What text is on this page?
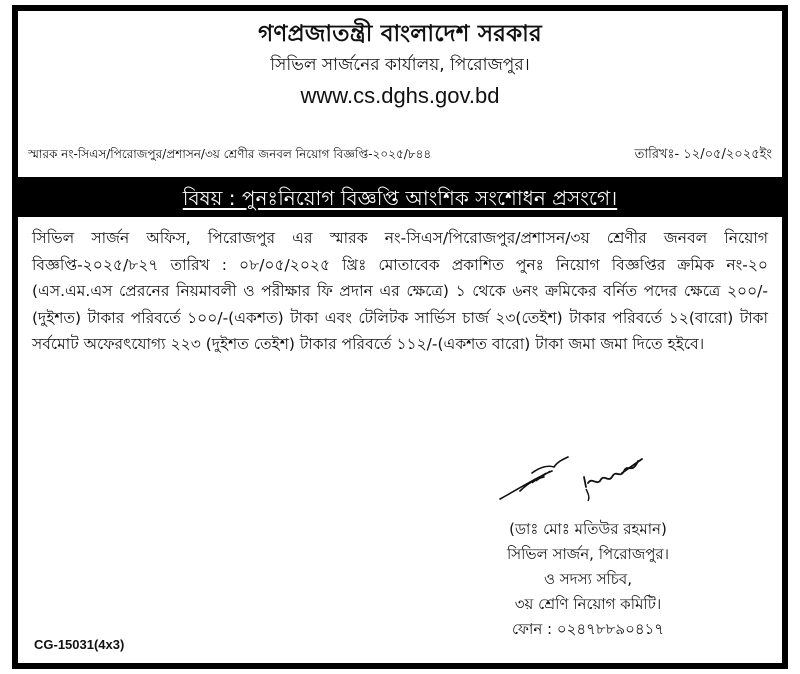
গণপ্রজাতন্ত্রী বাংলাদেশ সরকার
সিভিল সার্জনের কার্যালয়, পিরোজপুর।
www.cs.dghs.gov.bd
স্মারক নং-সিএস/পিরোজপুর/প্রশাসন/৩য় শ্রেণীর জনবল নিয়োগ বিজ্ঞপ্তি-২০২৫/৮৪৪	তারিখঃ- ১২/০৫/২০২৫ইং
বিষয় : পুনঃনিয়োগ বিজ্ঞপ্তি আংশিক সংশোধন প্রসংগে।

সিভিল সার্জন অফিস, পিরোজপুর এর স্মারক নং-সিএস/পিরোজপুর/প্রশাসন/৩য় শ্রেণীর জনবল নিয়োগ বিজ্ঞপ্তি-২০২৫/৮২৭ তারিখ : ০৮/০৫/২০২৫ খ্রিঃ মোতাবেক প্রকাশিত পুনঃ নিয়োগ বিজ্ঞপ্তির ক্রমিক নং-২০ (এস.এম.এস প্রেরনের নিয়মাবলী ও পরীক্ষার ফি প্রদান এর ক্ষেত্রে) ১ থেকে ৬নং ক্রমিকের বর্নিত পদের ক্ষেত্রে ২০০/- (দুইশত) টাকার পরিবর্তে ১০০/-(একশত) টাকা এবং টেলিটক সার্ভিস চার্জ ২৩(তেইশ) টাকার পরিবর্তে ১২(বারো) টাকা সর্বমোট অফেরৎযোগ্য ২২৩ (দুইশত তেইশ) টাকার পরিবর্তে ১১২/-(একশত বারো) টাকা জমা জমা দিতে হইবে।

(ডাঃ মোঃ মতিউর রহমান)
সিভিল সার্জন, পিরোজপুর।
ও সদস্য সচিব,
৩য় শ্রেণি নিয়োগ কমিটি।
ফোন : ০২৪৭৮৮৯০৪১৭
CG-15031(4x3)
